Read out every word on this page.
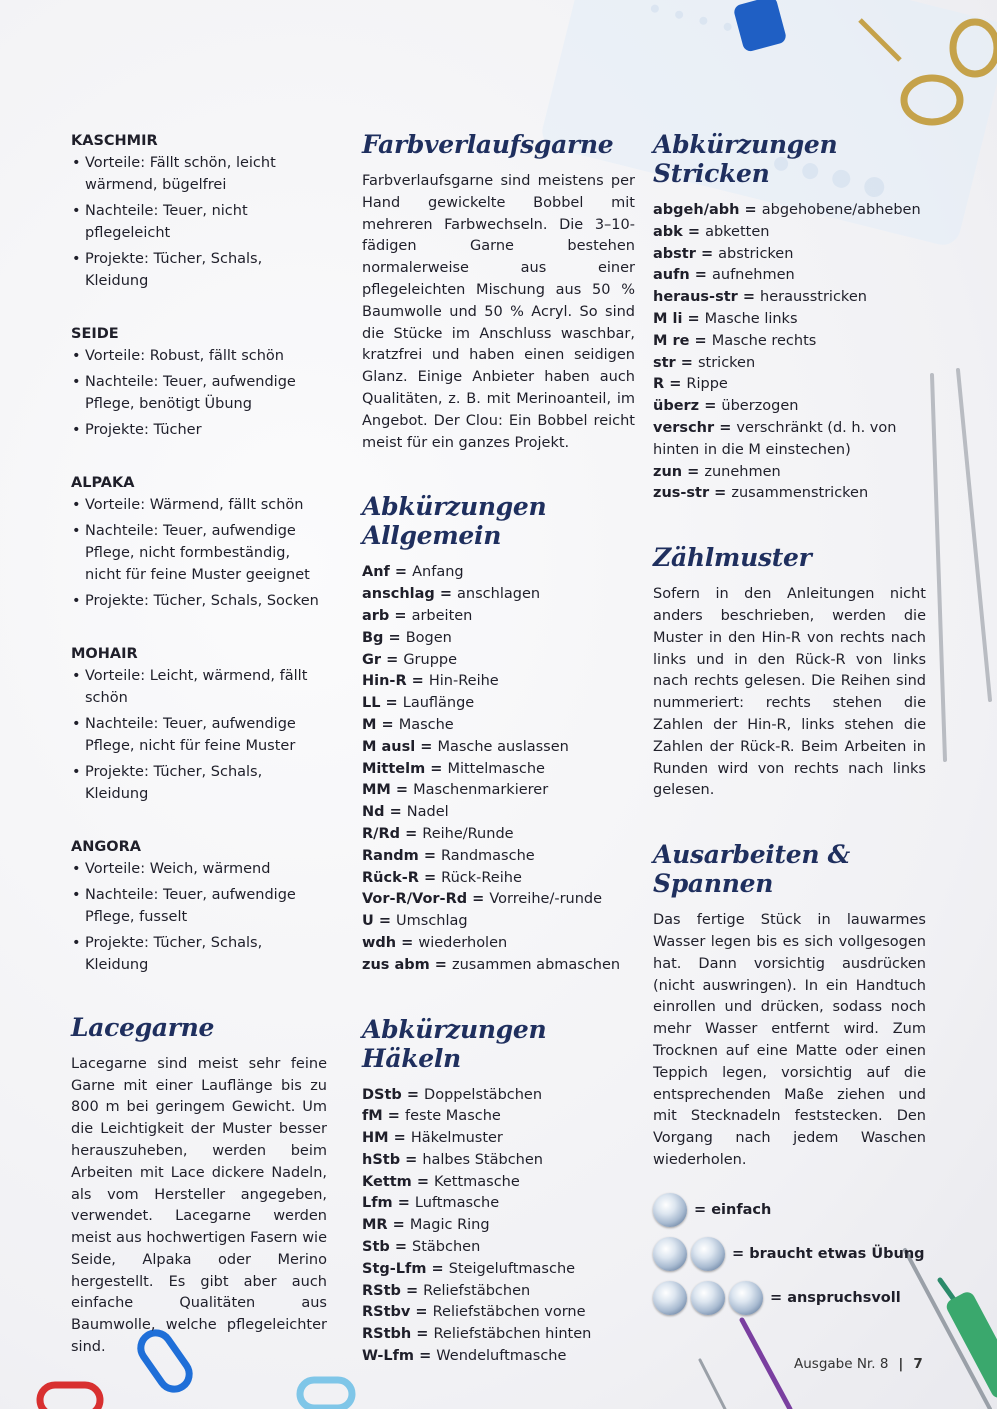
KASCHMIR
• Vorteile: Fällt schön, leicht wärmend, bügelfrei
• Nachteile: Teuer, nicht pflegeleicht
• Projekte: Tücher, Schals, Kleidung
SEIDE
• Vorteile: Robust, fällt schön
• Nachteile: Teuer, aufwendige Pflege, benötigt Übung
• Projekte: Tücher
ALPAKA
• Vorteile: Wärmend, fällt schön
• Nachteile: Teuer, aufwendige Pflege, nicht formbeständig, nicht für feine Muster geeignet
• Projekte: Tücher, Schals, Socken
MOHAIR
• Vorteile: Leicht, wärmend, fällt schön
• Nachteile: Teuer, aufwendige Pflege, nicht für feine Muster
• Projekte: Tücher, Schals, Kleidung
ANGORA
• Vorteile: Weich, wärmend
• Nachteile: Teuer, aufwendige Pflege, fusselt
• Projekte: Tücher, Schals, Kleidung
Lacegarne

Lacegarne sind meist sehr feine Garne mit einer Lauflänge bis zu 800 m bei geringem Gewicht. Um die Leichtigkeit der Muster besser herauszuheben, werden beim Arbeiten mit Lace dickere Nadeln, als vom Hersteller angegeben, verwendet. Lacegarne werden meist aus hochwertigen Fasern wie Seide, Alpaka oder Merino hergestellt. Es gibt aber auch einfache Qualitäten aus Baumwolle, welche pflegeleichter sind.

Farbverlaufsgarne

Farbverlaufsgarne sind meistens per Hand gewickelte Bobbel mit mehreren Farbwechseln. Die 3–10-fädigen Garne bestehen normalerweise aus einer pflegeleichten Mischung aus 50 % Baumwolle und 50 % Acryl. So sind die Stücke im Anschluss waschbar, kratzfrei und haben einen seidigen Glanz. Einige Anbieter haben auch Qualitäten, z. B. mit Merinoanteil, im Angebot. Der Clou: Ein Bobbel reicht meist für ein ganzes Projekt.

Abkürzungen
Allgemein
Anf = Anfang
anschlag = anschlagen
arb = arbeiten
Bg = Bogen
Gr = Gruppe
Hin-R = Hin-Reihe
LL = Lauflänge
M = Masche
M ausl = Masche auslassen
Mittelm = Mittelmasche
MM = Maschenmarkierer
Nd = Nadel
R/Rd = Reihe/Runde
Randm = Randmasche
Rück-R = Rück-Reihe
Vor-R/Vor-Rd = Vorreihe/-runde
U = Umschlag
wdh = wiederholen
zus abm = zusammen abmaschen
Abkürzungen Häkeln
DStb = Doppelstäbchen
fM = feste Masche
HM = Häkelmuster
hStb = halbes Stäbchen
Kettm = Kettmasche
Lfm = Luftmasche
MR = Magic Ring
Stb = Stäbchen
Stg-Lfm = Steigeluftmasche
RStb = Reliefstäbchen
RStbv = Reliefstäbchen vorne
RStbh = Reliefstäbchen hinten
W-Lfm = Wendeluftmasche
Abkürzungen Stricken
abgeh/abh = abgehobene/abheben
abk = abketten
abstr = abstricken
aufn = aufnehmen
heraus-str = herausstricken
M li = Masche links
M re = Masche rechts
str = stricken
R = Rippe
überz = überzogen
verschr = verschränkt (d. h. von hinten in die M einstechen)
zun = zunehmen
zus-str = zusammenstricken
Zählmuster

Sofern in den Anleitungen nicht anders beschrieben, werden die Muster in den Hin-R von rechts nach links und in den Rück-R von links nach rechts gelesen. Die Reihen sind nummeriert: rechts stehen die Zahlen der Hin-R, links stehen die Zahlen der Rück-R. Beim Arbeiten in Runden wird von rechts nach links gelesen.

Ausarbeiten &
Spannen

Das fertige Stück in lauwarmes Wasser legen bis es sich vollgesogen hat. Dann vorsichtig ausdrücken (nicht auswringen). In ein Handtuch einrollen und drücken, sodass noch mehr Wasser entfernt wird. Zum Trocknen auf eine Matte oder einen Teppich legen, vorsichtig auf die entsprechenden Maße ziehen und mit Stecknadeln feststecken. Den Vorgang nach jedem Waschen wiederholen.

= einfach
= braucht etwas Übung
= anspruchsvoll
Ausgabe Nr. 8 | 7
